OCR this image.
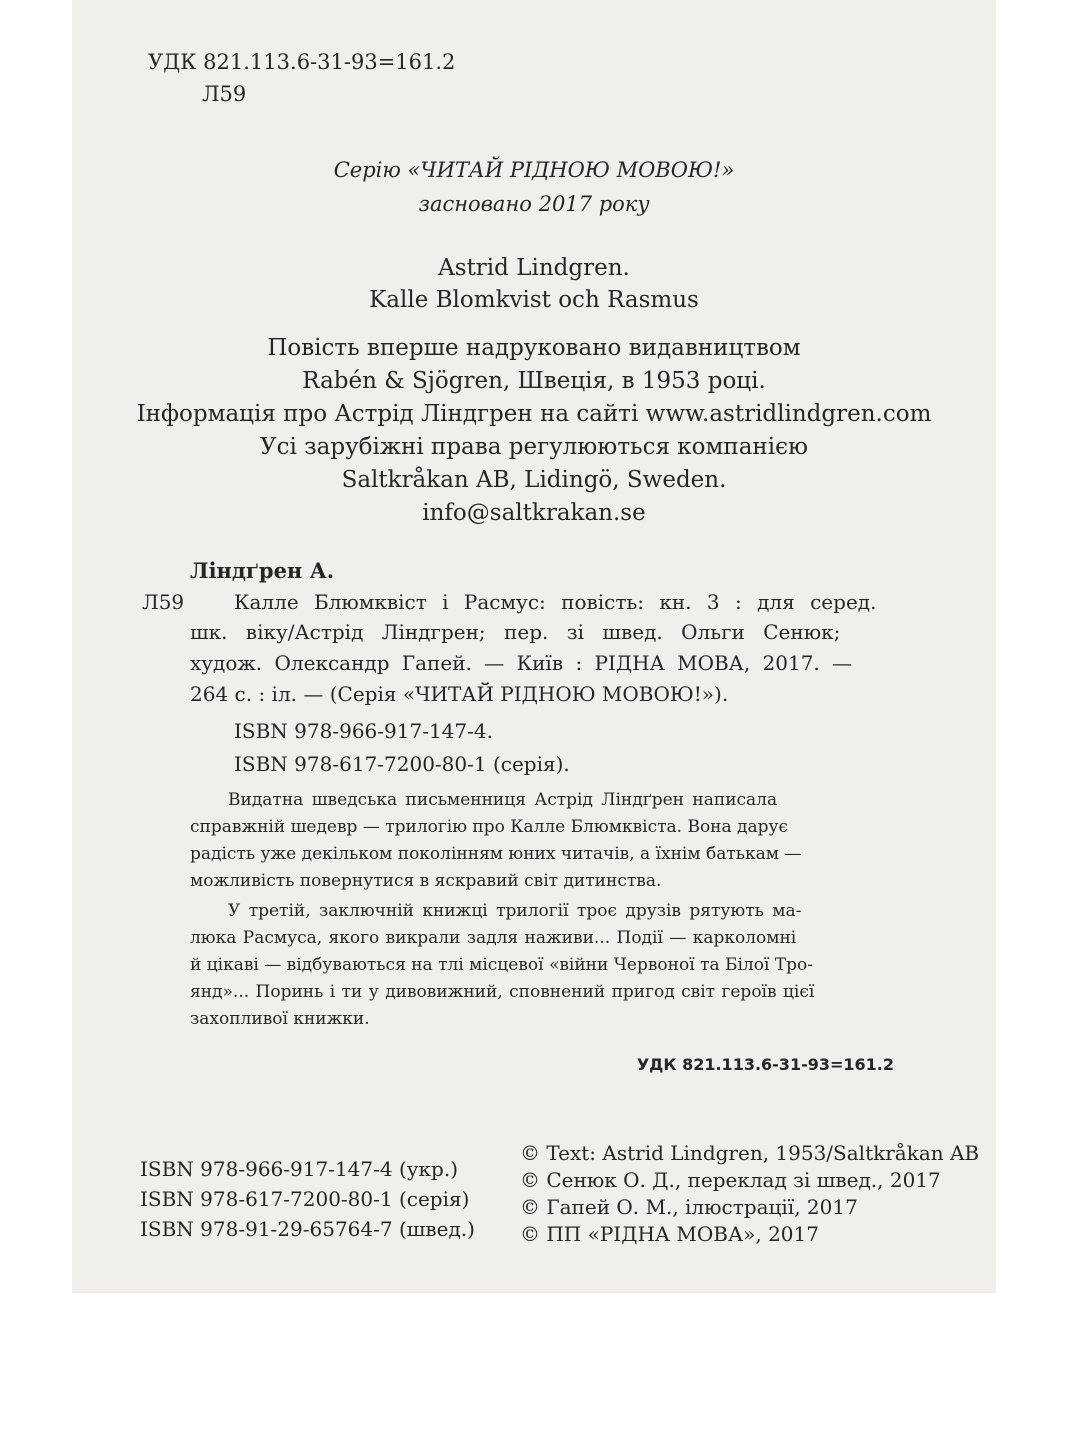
УДК 821.113.6-31-93=161.2

Л59

Серію «ЧИТАЙ РІДНОЮ МОВОЮ!»

засновано 2017 року

Astrid Lindgren.

Kalle Blomkvist och Rasmus

Повість вперше надруковано видавництвом

Rabén & Sjögren, Швеція, в 1953 році.

Інформація про Астрід Ліндгрен на сайті www.astridlindgren.com

Усі зарубіжні права регулюються компанією

Saltkråkan AB, Lidingö, Sweden.

info@saltkrakan.se

Ліндґрен А.

Л59 Калле Блюмквіст і Расмус: повість: кн. 3 : для серед.

шк. віку/Астрід Ліндгрен; пер. зі швед. Ольги Сенюк;

худож. Олександр Гапей. — Київ : РІДНА МОВА, 2017. —

264 с. : іл. — (Серія «ЧИТАЙ РІДНОЮ МОВОЮ!»).

ISBN 978-966-917-147-4.

ISBN 978-617-7200-80-1 (серія).

Видатна шведська письменниця Астрід Ліндґрен написала

справжній шедевр — трилогію про Калле Блюмквіста. Вона дарує

радість уже декільком поколінням юних читачів, а їхнім батькам —

можливість повернутися в яскравий світ дитинства.

У третій, заключній книжці трилогії троє друзів рятують ма-

люка Расмуса, якого викрали задля наживи... Події — карколомні

й цікаві — відбуваються на тлі місцевої «війни Червоної та Білої Тро-

янд»... Поринь і ти у дивовижний, сповнений пригод світ героїв цієї

захопливої книжки.

УДК 821.113.6-31-93=161.2

ISBN 978-966-917-147-4 (укр.)

ISBN 978-617-7200-80-1 (серія)

ISBN 978-91-29-65764-7 (швед.)

© Text: Astrid Lindgren, 1953/Saltkråkan AB

© Сенюк О. Д., переклад зі швед., 2017

© Гапей О. М., ілюстрації, 2017

© ПП «РІДНА МОВА», 2017
